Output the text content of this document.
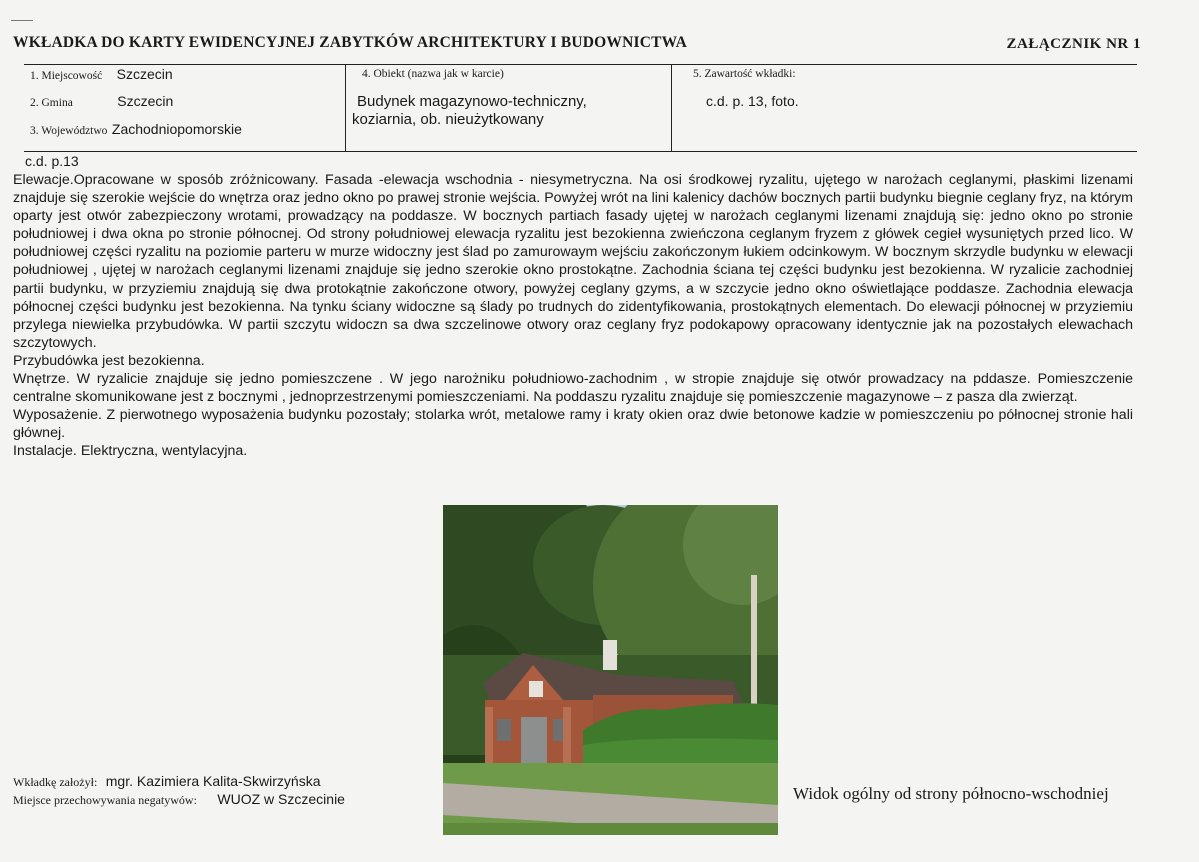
WKŁADKA DO KARTY EWIDENCYJNEJ ZABYTKÓW ARCHITEKTURY I BUDOWNICTWA	ZAŁĄCZNIK NR 1
1. Miejscowość Szczecin
2. Gmina	Szczecin
3. Województwo Zachodniopomorskie
4. Obiekt (nazwa jak w karcie)
Budynek magazynowo-techniczny,
koziarnia, ob. nieużytkowany
5. Zawartość wkładki:
c.d. p. 13, foto.
c.d. p.13

Elewacje.Opracowane w sposób zróżnicowany. Fasada -elewacja wschodnia - niesymetryczna. Na osi środkowej ryzalitu, ujętego w narożach ceglanymi, płaskimi lizenami znajduje się szerokie wejście do wnętrza oraz jedno okno po prawej stronie wejścia. Powyżej wrót na lini kalenicy dachów bocznych partii budynku biegnie ceglany fryz, na którym oparty jest otwór zabezpieczony wrotami, prowadzący na poddasze. W bocznych partiach fasady ujętej w narożach ceglanymi lizenami znajdują się: jedno okno po stronie południowej i dwa okna po stronie północnej. Od strony południowej elewacja ryzalitu jest bezokienna zwieńczona ceglanym fryzem z główek cegieł wysuniętych przed lico. W południowej części ryzalitu na poziomie parteru w murze widoczny jest ślad po zamurowaym wejściu zakończonym łukiem odcinkowym. W bocznym skrzydle budynku w elewacji południowej , ujętej w narożach ceglanymi lizenami znajduje się jedno szerokie okno prostokątne. Zachodnia ściana tej części budynku jest bezokienna. W ryzalicie zachodniej partii budynku, w przyziemiu znajdują się dwa protokątnie zakończone otwory, powyżej ceglany gzyms, a w szczycie jedno okno oświetlające poddasze. Zachodnia elewacja północnej części budynku jest bezokienna. Na tynku ściany widoczne są ślady po trudnych do zidentyfikowania, prostokątnych elementach. Do elewacji północnej w przyziemiu przylega niewielka przybudówka. W partii szczytu widoczn sa dwa szczelinowe otwory oraz ceglany fryz podokapowy opracowany identycznie jak na pozostałych elewachach szczytowych.

Przybudówka jest bezokienna.

Wnętrze. W ryzalicie znajduje się jedno pomieszczene . W jego narożniku południowo-zachodnim , w stropie znajduje się otwór prowadzacy na pddasze. Pomieszczenie centralne skomunikowane jest z bocznymi , jednoprzestrzenymi pomieszczeniami. Na poddaszu ryzalitu znajduje się pomieszczenie magazynowe – z pasza dla zwierząt.

Wyposażenie. Z pierwotnego wyposażenia budynku pozostały; stolarka wrót, metalowe ramy i kraty okien oraz dwie betonowe kadzie w pomieszczeniu po północnej stronie hali głównej.

Instalacje. Elektryczna, wentylacyjna.

Wkładkę założył: mgr. Kazimiera Kalita-Skwirzyńska
Miejsce przechowywania negatywów: WUOZ w Szczecinie	Widok ogólny od strony północno-wschodniej
